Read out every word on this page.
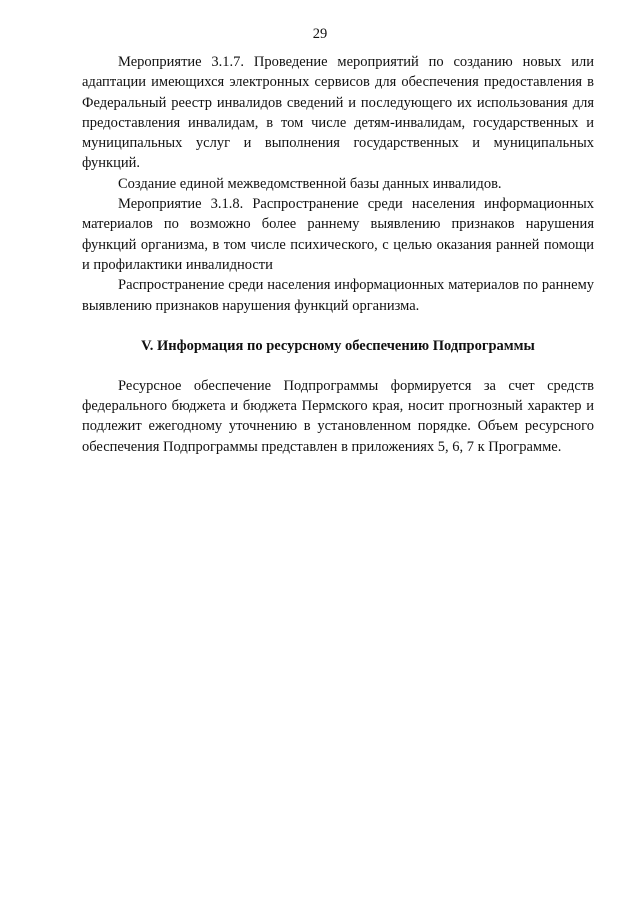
29

Мероприятие 3.1.7. Проведение мероприятий по созданию новых или адаптации имеющихся электронных сервисов для обеспечения предоставления в Федеральный реестр инвалидов сведений и последующего их использования для предоставления инвалидам, в том числе детям-инвалидам, государственных и муниципальных услуг и выполнения государственных и муниципальных функций.

Создание единой межведомственной базы данных инвалидов.

Мероприятие 3.1.8. Распространение среди населения информационных материалов по возможно более раннему выявлению признаков нарушения функций организма, в том числе психического, с целью оказания ранней помощи и профилактики инвалидности

Распространение среди населения информационных материалов по раннему выявлению признаков нарушения функций организма.

V. Информация по ресурсному обеспечению Подпрограммы

Ресурсное обеспечение Подпрограммы формируется за счет средств федерального бюджета и бюджета Пермского края, носит прогнозный характер и подлежит ежегодному уточнению в установленном порядке. Объем ресурсного обеспечения Подпрограммы представлен в приложениях 5, 6, 7 к Программе.
